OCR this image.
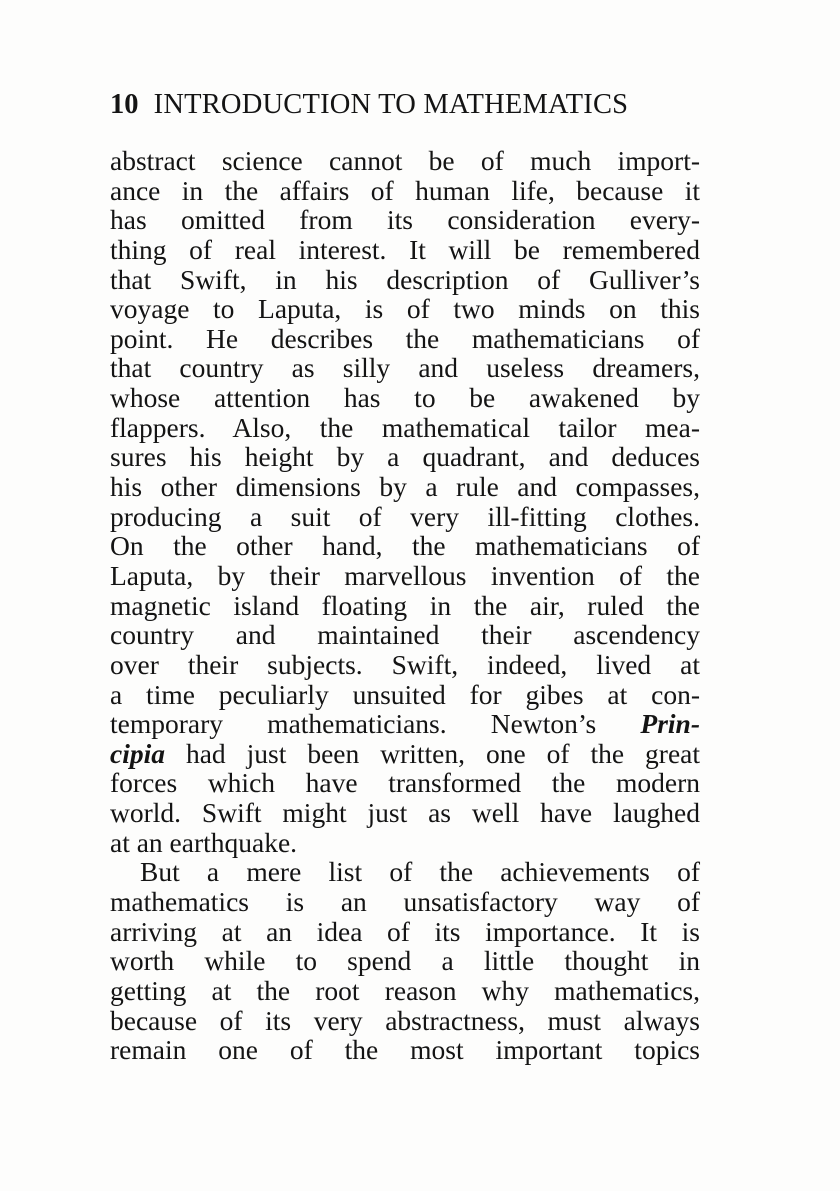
10 INTRODUCTION TO MATHEMATICS
abstract science cannot be of much import-
ance in the affairs of human life, because it
has omitted from its consideration every-
thing of real interest. It will be remembered
that Swift, in his description of Gulliver’s
voyage to Laputa, is of two minds on this
point. He describes the mathematicians of
that country as silly and useless dreamers,
whose attention has to be awakened by
flappers. Also, the mathematical tailor mea-
sures his height by a quadrant, and deduces
his other dimensions by a rule and compasses,
producing a suit of very ill-fitting clothes.
On the other hand, the mathematicians of
Laputa, by their marvellous invention of the
magnetic island floating in the air, ruled the
country and maintained their ascendency
over their subjects. Swift, indeed, lived at
a time peculiarly unsuited for gibes at con-
temporary mathematicians. Newton’s Prin-
cipia had just been written, one of the great
forces which have transformed the modern
world. Swift might just as well have laughed
at an earthquake.
But a mere list of the achievements of
mathematics is an unsatisfactory way of
arriving at an idea of its importance. It is
worth while to spend a little thought in
getting at the root reason why mathematics,
because of its very abstractness, must always
remain one of the most important topics
